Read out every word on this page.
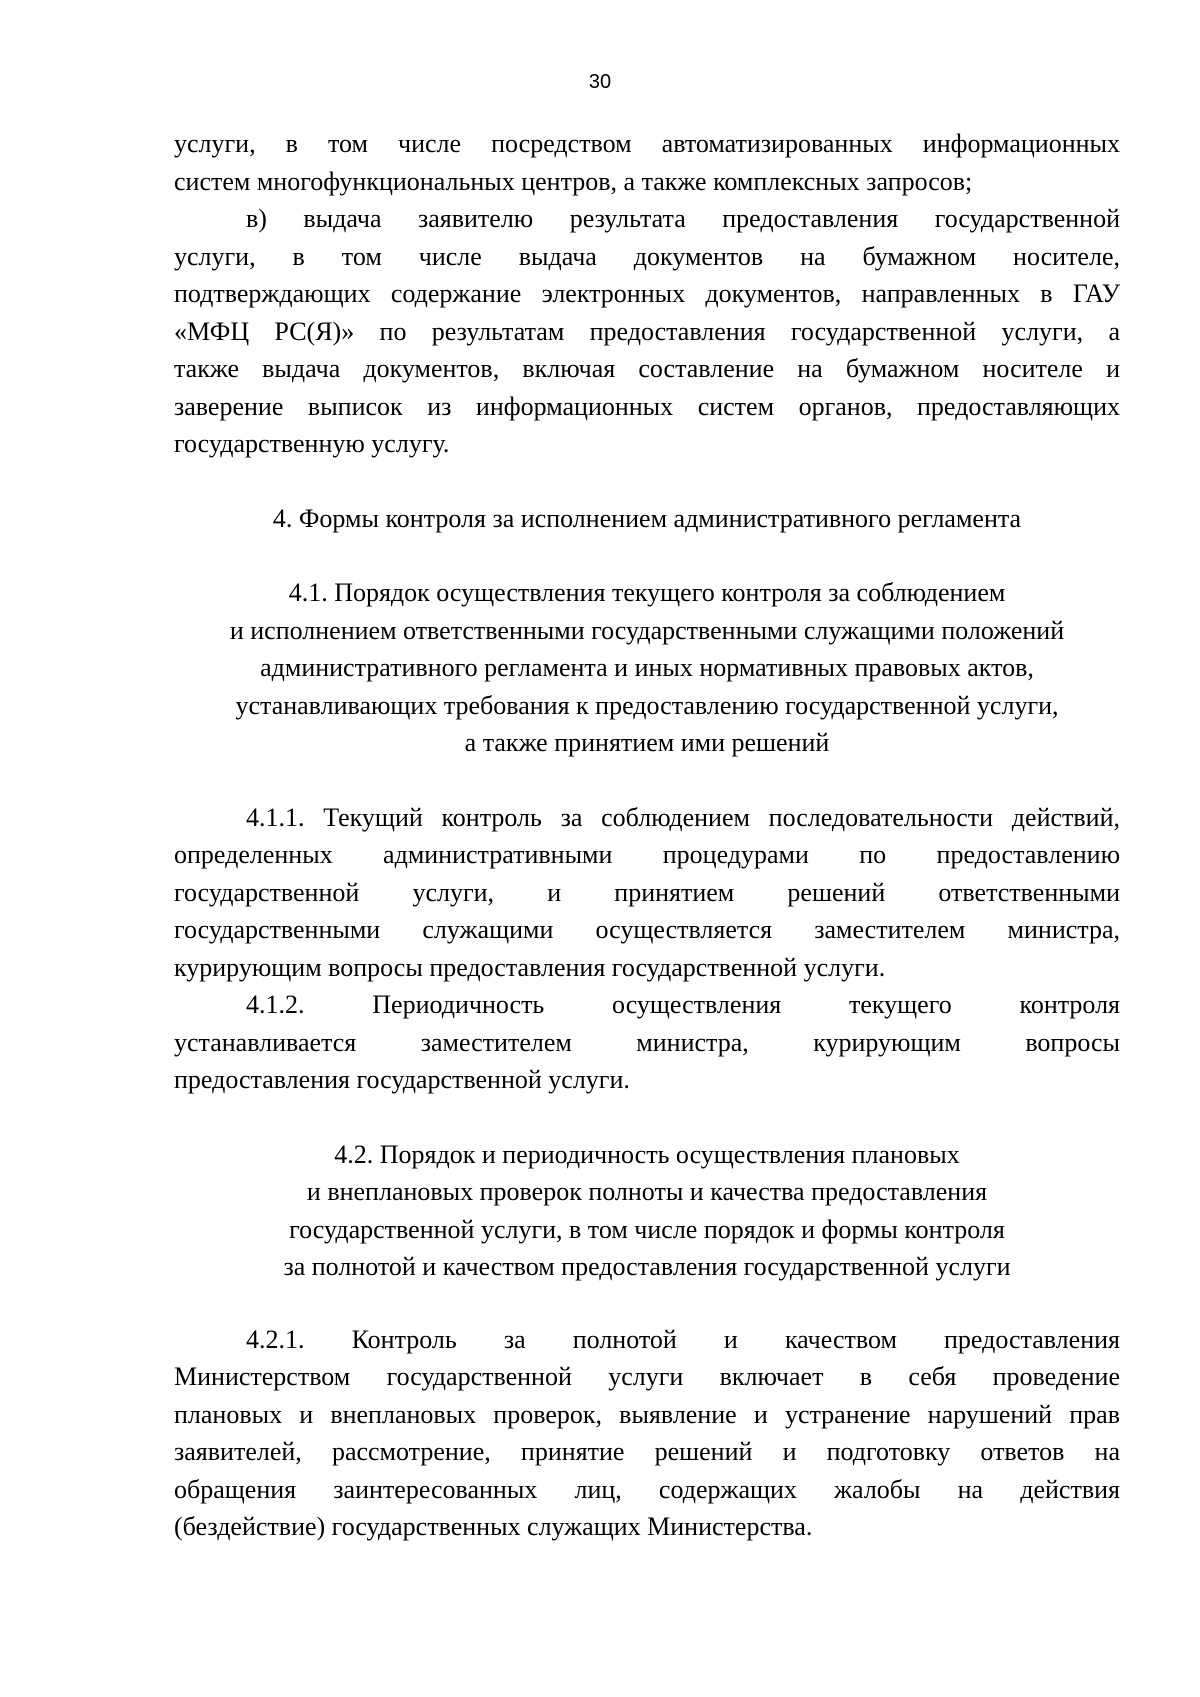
30

услуги, в том числе посредством автоматизированных информационных

систем многофункциональных центров, а также комплексных запросов;

в) выдача заявителю результата предоставления государственной

услуги, в том числе выдача документов на бумажном носителе,

подтверждающих содержание электронных документов, направленных в ГАУ

«МФЦ РС(Я)» по результатам предоставления государственной услуги, а

также выдача документов, включая составление на бумажном носителе и

заверение выписок из информационных систем органов, предоставляющих

государственную услугу.

4. Формы контроля за исполнением административного регламента

4.1. Порядок осуществления текущего контроля за соблюдением

и исполнением ответственными государственными служащими положений

административного регламента и иных нормативных правовых актов,

устанавливающих требования к предоставлению государственной услуги,

а также принятием ими решений

4.1.1. Текущий контроль за соблюдением последовательности действий,

определенных административными процедурами по предоставлению

государственной услуги, и принятием решений ответственными

государственными служащими осуществляется заместителем министра,

курирующим вопросы предоставления государственной услуги.

4.1.2. Периодичность осуществления текущего контроля

устанавливается заместителем министра, курирующим вопросы

предоставления государственной услуги.

4.2. Порядок и периодичность осуществления плановых

и внеплановых проверок полноты и качества предоставления

государственной услуги, в том числе порядок и формы контроля

за полнотой и качеством предоставления государственной услуги

4.2.1. Контроль за полнотой и качеством предоставления

Министерством государственной услуги включает в себя проведение

плановых и внеплановых проверок, выявление и устранение нарушений прав

заявителей, рассмотрение, принятие решений и подготовку ответов на

обращения заинтересованных лиц, содержащих жалобы на действия

(бездействие) государственных служащих Министерства.
